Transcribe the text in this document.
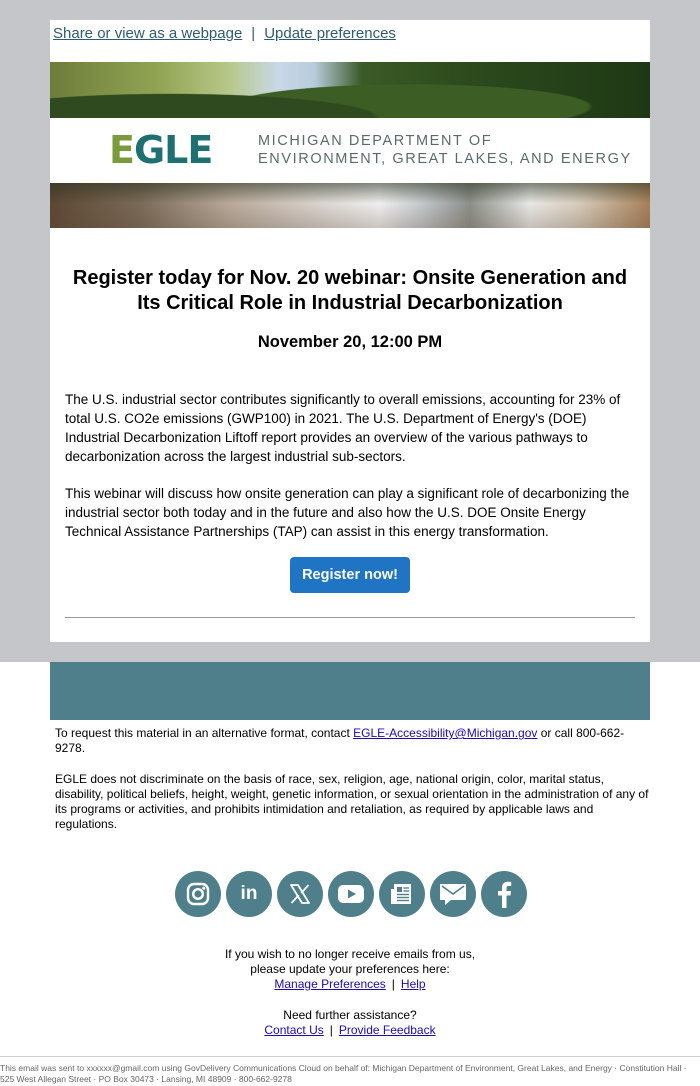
Share or view as a webpage | Update preferences
EGLE	MICHIGAN DEPARTMENT OF
ENVIRONMENT, GREAT LAKES, AND ENERGY
Register today for Nov. 20 webinar: Onsite Generation and
Its Critical Role in Industrial Decarbonization
November 20, 12:00 PM

The U.S. industrial sector contributes significantly to overall emissions, accounting for 23% of total U.S. CO2e emissions (GWP100) in 2021. The U.S. Department of Energy's (DOE) Industrial Decarbonization Liftoff report provides an overview of the various pathways to decarbonization across the largest industrial sub-sectors.

This webinar will discuss how onsite generation can play a significant role of decarbonizing the industrial sector both today and in the future and also how the U.S. DOE Onsite Energy Technical Assistance Partnerships (TAP) can assist in this energy transformation.

Register now!

To request this material in an alternative format, contact EGLE-Accessibility@Michigan.gov or call 800-662-9278.

EGLE does not discriminate on the basis of race, sex, religion, age, national origin, color, marital status, disability, political beliefs, height, weight, genetic information, or sexual orientation in the administration of any of its programs or activities, and prohibits intimidation and retaliation, as required by applicable laws and regulations.

in
If you wish to no longer receive emails from us,
please update your preferences here:
Manage Preferences | Help
Need further assistance?
Contact Us | Provide Feedback
This email was sent to xxxxxx@gmail.com using GovDelivery Communications Cloud on behalf of: Michigan Department of Environment, Great Lakes, and Energy · Constitution Hall · 525 West Allegan Street · PO Box 30473 · Lansing, MI 48909 · 800-662-9278
